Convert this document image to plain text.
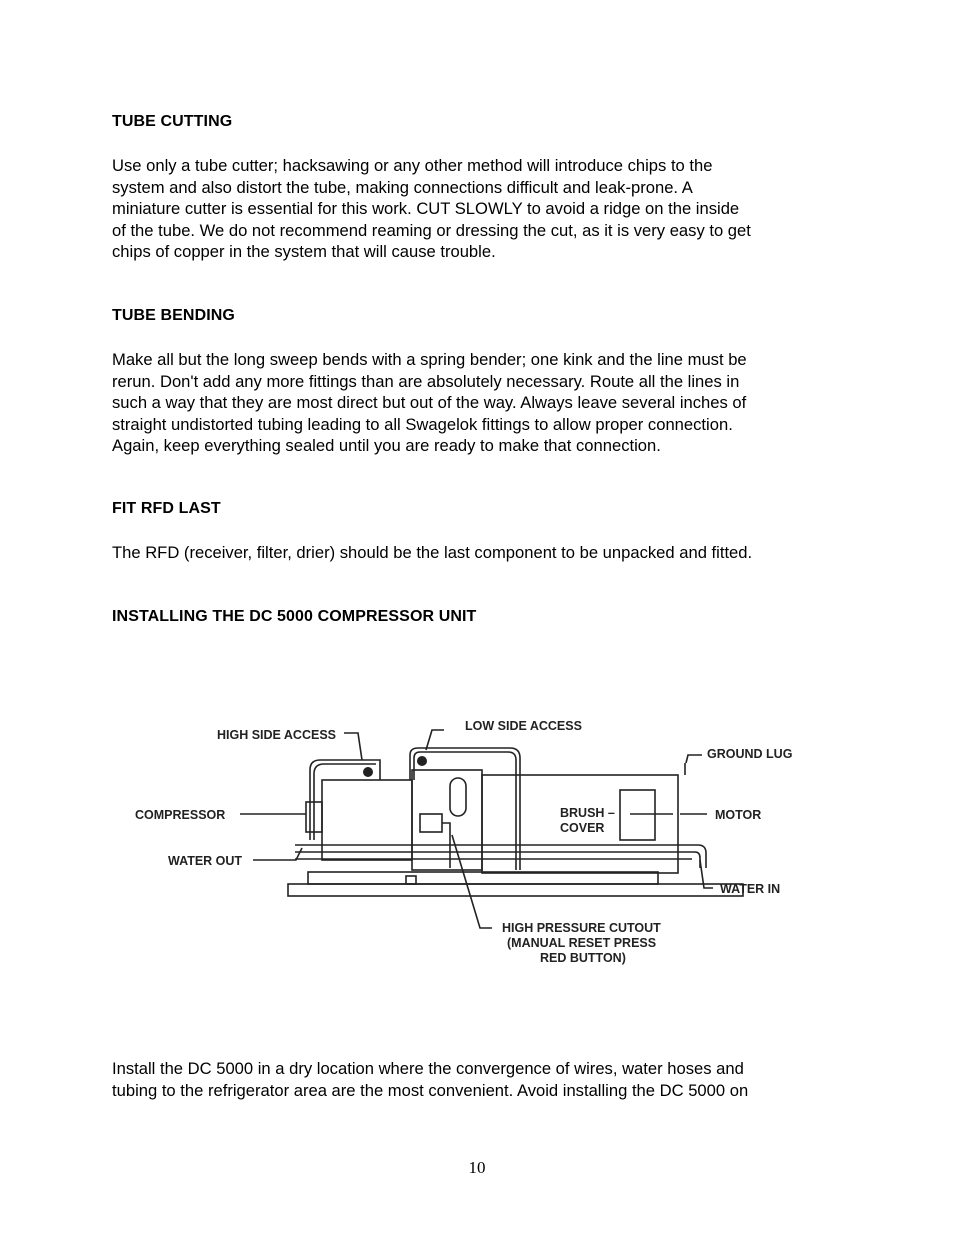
TUBE CUTTING
Use only a tube cutter; hacksawing or any other method will introduce chips to the
system and also distort the tube, making connections difficult and leak-prone. A
miniature cutter is essential for this work. CUT SLOWLY to avoid a ridge on the inside
of the tube. We do not recommend reaming or dressing the cut, as it is very easy to get
chips of copper in the system that will cause trouble.
TUBE BENDING
Make all but the long sweep bends with a spring bender; one kink and the line must be
rerun. Don't add any more fittings than are absolutely necessary. Route all the lines in
such a way that they are most direct but out of the way. Always leave several inches of
straight undistorted tubing leading to all Swagelok fittings to allow proper connection.
Again, keep everything sealed until you are ready to make that connection.
FIT RFD LAST
The RFD (receiver, filter, drier) should be the last component to be unpacked and fitted.
INSTALLING THE DC 5000 COMPRESSOR UNIT
HIGH SIDE ACCESS
LOW SIDE ACCESS
GROUND LUG
COMPRESSOR	BRUSH –
COVER
MOTOR
WATER OUT
WATER IN
HIGH PRESSURE CUTOUT
(MANUAL RESET PRESS
RED BUTTON)
Install the DC 5000 in a dry location where the convergence of wires, water hoses and
tubing to the refrigerator area are the most convenient. Avoid installing the DC 5000 on
10
